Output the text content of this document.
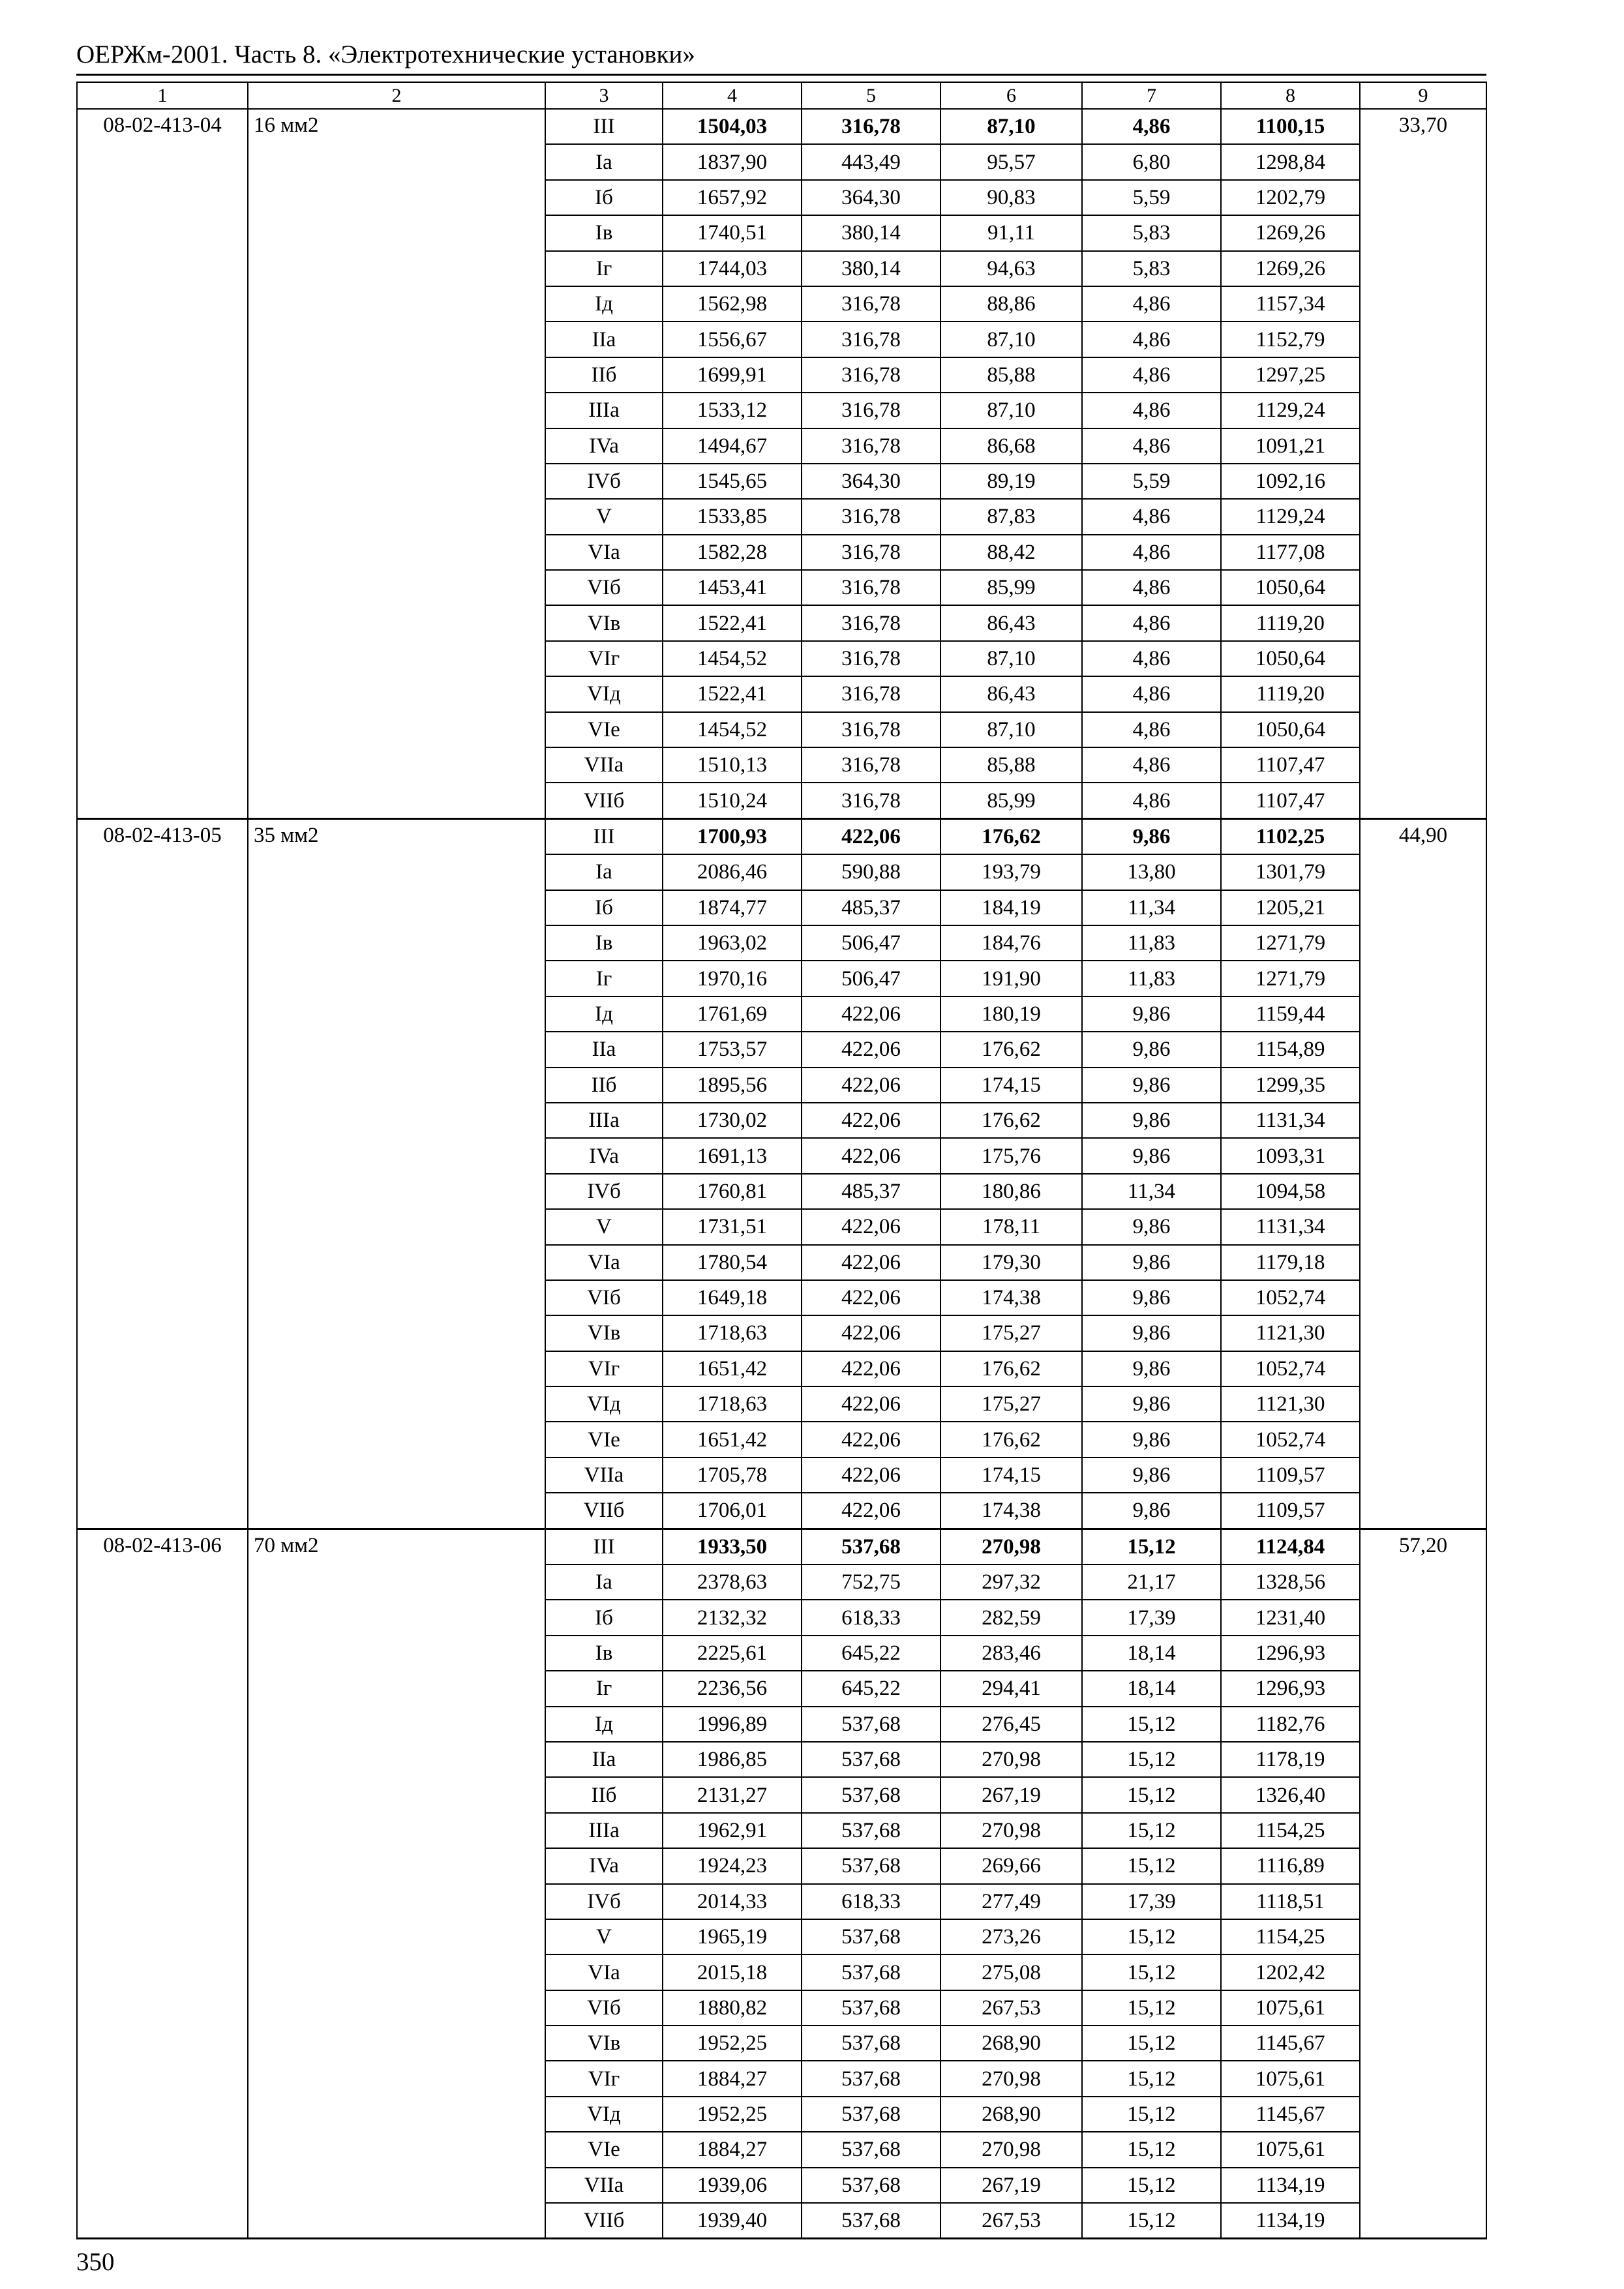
ОЕРЖм-2001. Часть 8. «Электротехнические установки»
1	2	3	4	5	6	7	8	9
08-02-413-04	16 мм2	III	1504,03	316,78	87,10	4,86	1100,15	33,70
		Ia	1837,90	443,49	95,57	6,80	1298,84	
		Iб	1657,92	364,30	90,83	5,59	1202,79	
		Iв	1740,51	380,14	91,11	5,83	1269,26	
		Iг	1744,03	380,14	94,63	5,83	1269,26	
		Iд	1562,98	316,78	88,86	4,86	1157,34	
		IIa	1556,67	316,78	87,10	4,86	1152,79	
		IIб	1699,91	316,78	85,88	4,86	1297,25	
		IIIa	1533,12	316,78	87,10	4,86	1129,24	
		IVa	1494,67	316,78	86,68	4,86	1091,21	
		IVб	1545,65	364,30	89,19	5,59	1092,16	
		V	1533,85	316,78	87,83	4,86	1129,24	
		VIa	1582,28	316,78	88,42	4,86	1177,08	
		VIб	1453,41	316,78	85,99	4,86	1050,64	
		VIв	1522,41	316,78	86,43	4,86	1119,20	
		VIг	1454,52	316,78	87,10	4,86	1050,64	
		VIд	1522,41	316,78	86,43	4,86	1119,20	
		VIe	1454,52	316,78	87,10	4,86	1050,64	
		VIIa	1510,13	316,78	85,88	4,86	1107,47	
		VIIб	1510,24	316,78	85,99	4,86	1107,47	
08-02-413-05	35 мм2	III	1700,93	422,06	176,62	9,86	1102,25	44,90
		Ia	2086,46	590,88	193,79	13,80	1301,79	
		Iб	1874,77	485,37	184,19	11,34	1205,21	
		Iв	1963,02	506,47	184,76	11,83	1271,79	
		Iг	1970,16	506,47	191,90	11,83	1271,79	
		Iд	1761,69	422,06	180,19	9,86	1159,44	
		IIa	1753,57	422,06	176,62	9,86	1154,89	
		IIб	1895,56	422,06	174,15	9,86	1299,35	
		IIIa	1730,02	422,06	176,62	9,86	1131,34	
		IVa	1691,13	422,06	175,76	9,86	1093,31	
		IVб	1760,81	485,37	180,86	11,34	1094,58	
		V	1731,51	422,06	178,11	9,86	1131,34	
		VIa	1780,54	422,06	179,30	9,86	1179,18	
		VIб	1649,18	422,06	174,38	9,86	1052,74	
		VIв	1718,63	422,06	175,27	9,86	1121,30	
		VIг	1651,42	422,06	176,62	9,86	1052,74	
		VIд	1718,63	422,06	175,27	9,86	1121,30	
		VIe	1651,42	422,06	176,62	9,86	1052,74	
		VIIa	1705,78	422,06	174,15	9,86	1109,57	
		VIIб	1706,01	422,06	174,38	9,86	1109,57	
08-02-413-06	70 мм2	III	1933,50	537,68	270,98	15,12	1124,84	57,20
		Ia	2378,63	752,75	297,32	21,17	1328,56	
		Iб	2132,32	618,33	282,59	17,39	1231,40	
		Iв	2225,61	645,22	283,46	18,14	1296,93	
		Iг	2236,56	645,22	294,41	18,14	1296,93	
		Iд	1996,89	537,68	276,45	15,12	1182,76	
		IIa	1986,85	537,68	270,98	15,12	1178,19	
		IIб	2131,27	537,68	267,19	15,12	1326,40	
		IIIa	1962,91	537,68	270,98	15,12	1154,25	
		IVa	1924,23	537,68	269,66	15,12	1116,89	
		IVб	2014,33	618,33	277,49	17,39	1118,51	
		V	1965,19	537,68	273,26	15,12	1154,25	
		VIa	2015,18	537,68	275,08	15,12	1202,42	
		VIб	1880,82	537,68	267,53	15,12	1075,61	
		VIв	1952,25	537,68	268,90	15,12	1145,67	
		VIг	1884,27	537,68	270,98	15,12	1075,61	
		VIд	1952,25	537,68	268,90	15,12	1145,67	
		VIe	1884,27	537,68	270,98	15,12	1075,61	
		VIIa	1939,06	537,68	267,19	15,12	1134,19	
		VIIб	1939,40	537,68	267,53	15,12	1134,19	
350
